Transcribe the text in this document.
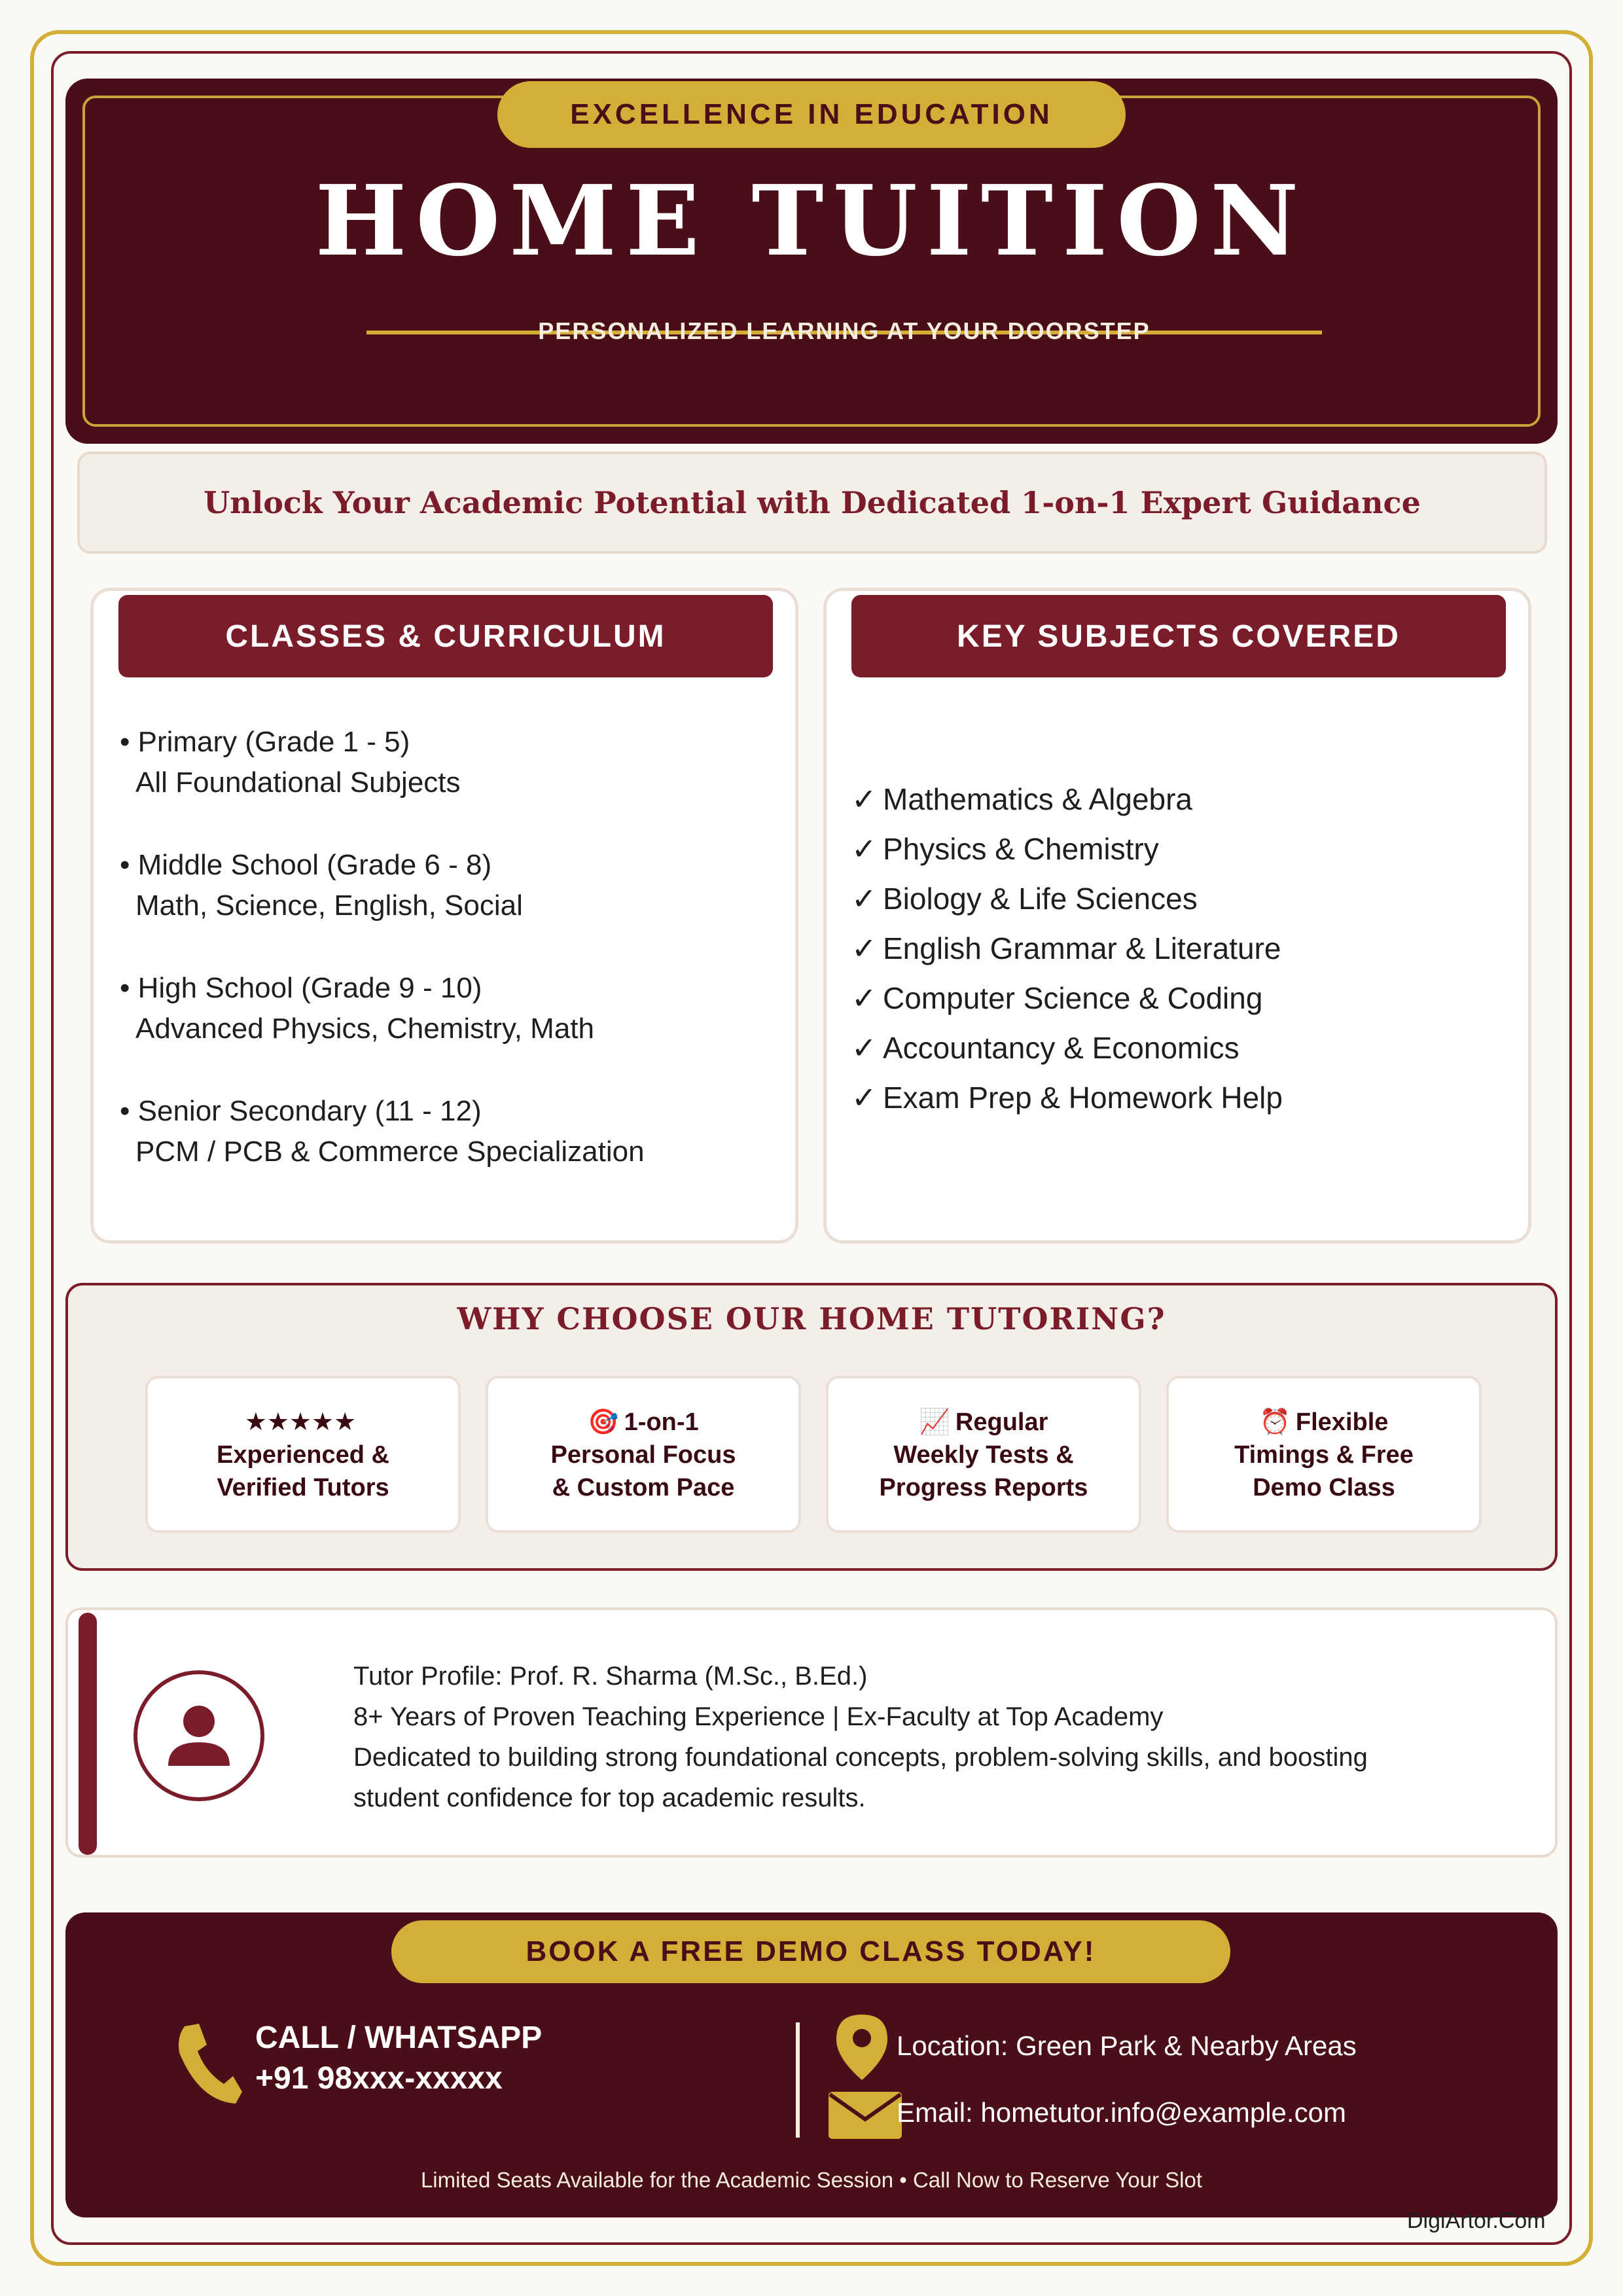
EXCELLENCE IN EDUCATION
HOME TUITION
PERSONALIZED LEARNING AT YOUR DOORSTEP
Unlock Your Academic Potential with Dedicated 1-on-1 Expert Guidance
CLASSES & CURRICULUM
• Primary (Grade 1 - 5)
All Foundational Subjects
• Middle School (Grade 6 - 8)
Math, Science, English, Social
• High School (Grade 9 - 10)
Advanced Physics, Chemistry, Math
• Senior Secondary (11 - 12)
PCM / PCB & Commerce Specialization
KEY SUBJECTS COVERED
✓ Mathematics & Algebra
✓ Physics & Chemistry
✓ Biology & Life Sciences
✓ English Grammar & Literature
✓ Computer Science & Coding
✓ Accountancy & Economics
✓ Exam Prep & Homework Help
WHY CHOOSE OUR HOME TUTORING?
★★★★★
Experienced &
Verified Tutors
🎯 1-on-1
Personal Focus
& Custom Pace
📈 Regular
Weekly Tests &
Progress Reports
⏰ Flexible
Timings & Free
Demo Class
Tutor Profile: Prof. R. Sharma (M.Sc., B.Ed.)
8+ Years of Proven Teaching Experience | Ex-Faculty at Top Academy
Dedicated to building strong foundational concepts, problem-solving skills, and boosting
student confidence for top academic results.
BOOK A FREE DEMO CLASS TODAY!
CALL / WHATSAPP
+91 98xxx-xxxxx
Location: Green Park & Nearby Areas
Email: hometutor.info@example.com
Limited Seats Available for the Academic Session • Call Now to Reserve Your Slot
DigiArtor.Com
